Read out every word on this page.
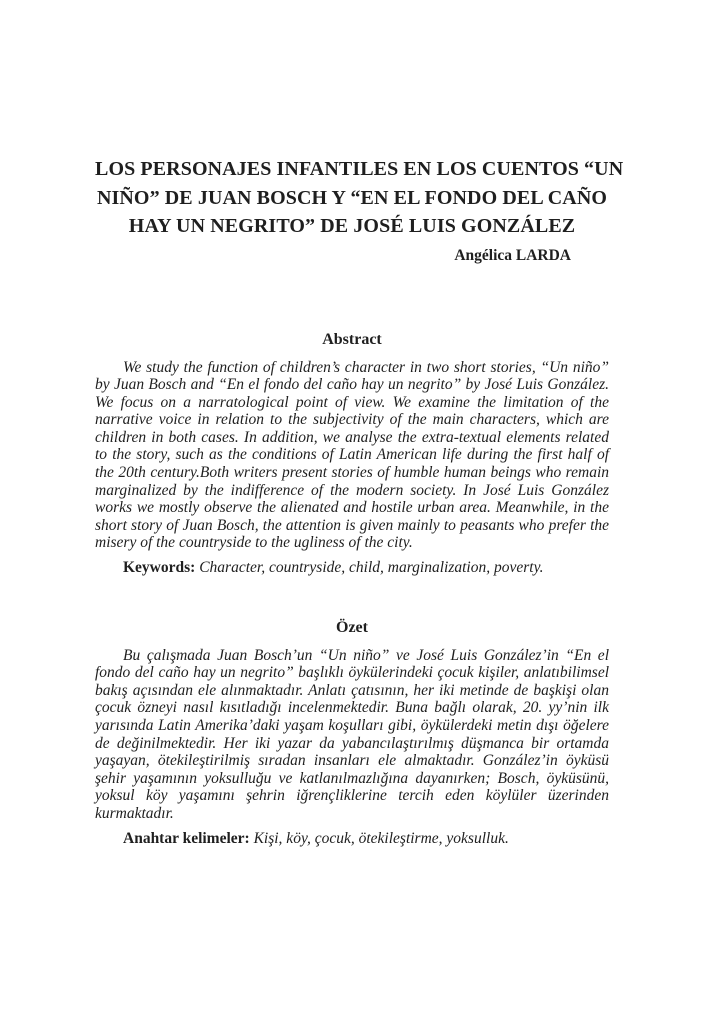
LOS PERSONAJES INFANTILES EN LOS CUENTOS “UN
NIÑO” DE JUAN BOSCH Y “EN EL FONDO DEL CAÑO
HAY UN NEGRITO” DE JOSÉ LUIS GONZÁLEZ
Angélica LARDA
Abstract

We study the function of children’s character in two short stories, “Un niño” by Juan Bosch and “En el fondo del caño hay un negrito” by José Luis González. We focus on a narratological point of view. We examine the limitation of the narrative voice in relation to the subjectivity of the main characters, which are children in both cases. In addition, we analyse the extra-textual elements related to the story, such as the conditions of Latin American life during the first half of the 20th century.Both writers present stories of humble human beings who remain marginalized by the indifference of the modern society. In José Luis González works we mostly observe the alienated and hostile urban area. Meanwhile, in the short story of Juan Bosch, the attention is given mainly to peasants who prefer the misery of the countryside to the ugliness of the city.

Keywords: Character, countryside, child, marginalization, poverty.

Özet

Bu çalışmada Juan Bosch’un “Un niño” ve José Luis González’in “En el fondo del caño hay un negrito” başlıklı öykülerindeki çocuk kişiler, anlatıbilimsel bakış açısından ele alınmaktadır. Anlatı çatısının, her iki metinde de başkişi olan çocuk özneyi nasıl kısıtladığı incelenmektedir. Buna bağlı olarak, 20. yy’nin ilk yarısında Latin Amerika’daki yaşam koşulları gibi, öykülerdeki metin dışı öğelere de değinilmektedir. Her iki yazar da yabancılaştırılmış düşmanca bir ortamda yaşayan, ötekileştirilmiş sıradan insanları ele almaktadır. González’in öyküsü şehir yaşamının yoksulluğu ve katlanılmazlığına dayanırken; Bosch, öyküsünü, yoksul köy yaşamını şehrin iğrençliklerine tercih eden köylüler üzerinden kurmaktadır.

Anahtar kelimeler: Kişi, köy, çocuk, ötekileştirme, yoksulluk.
